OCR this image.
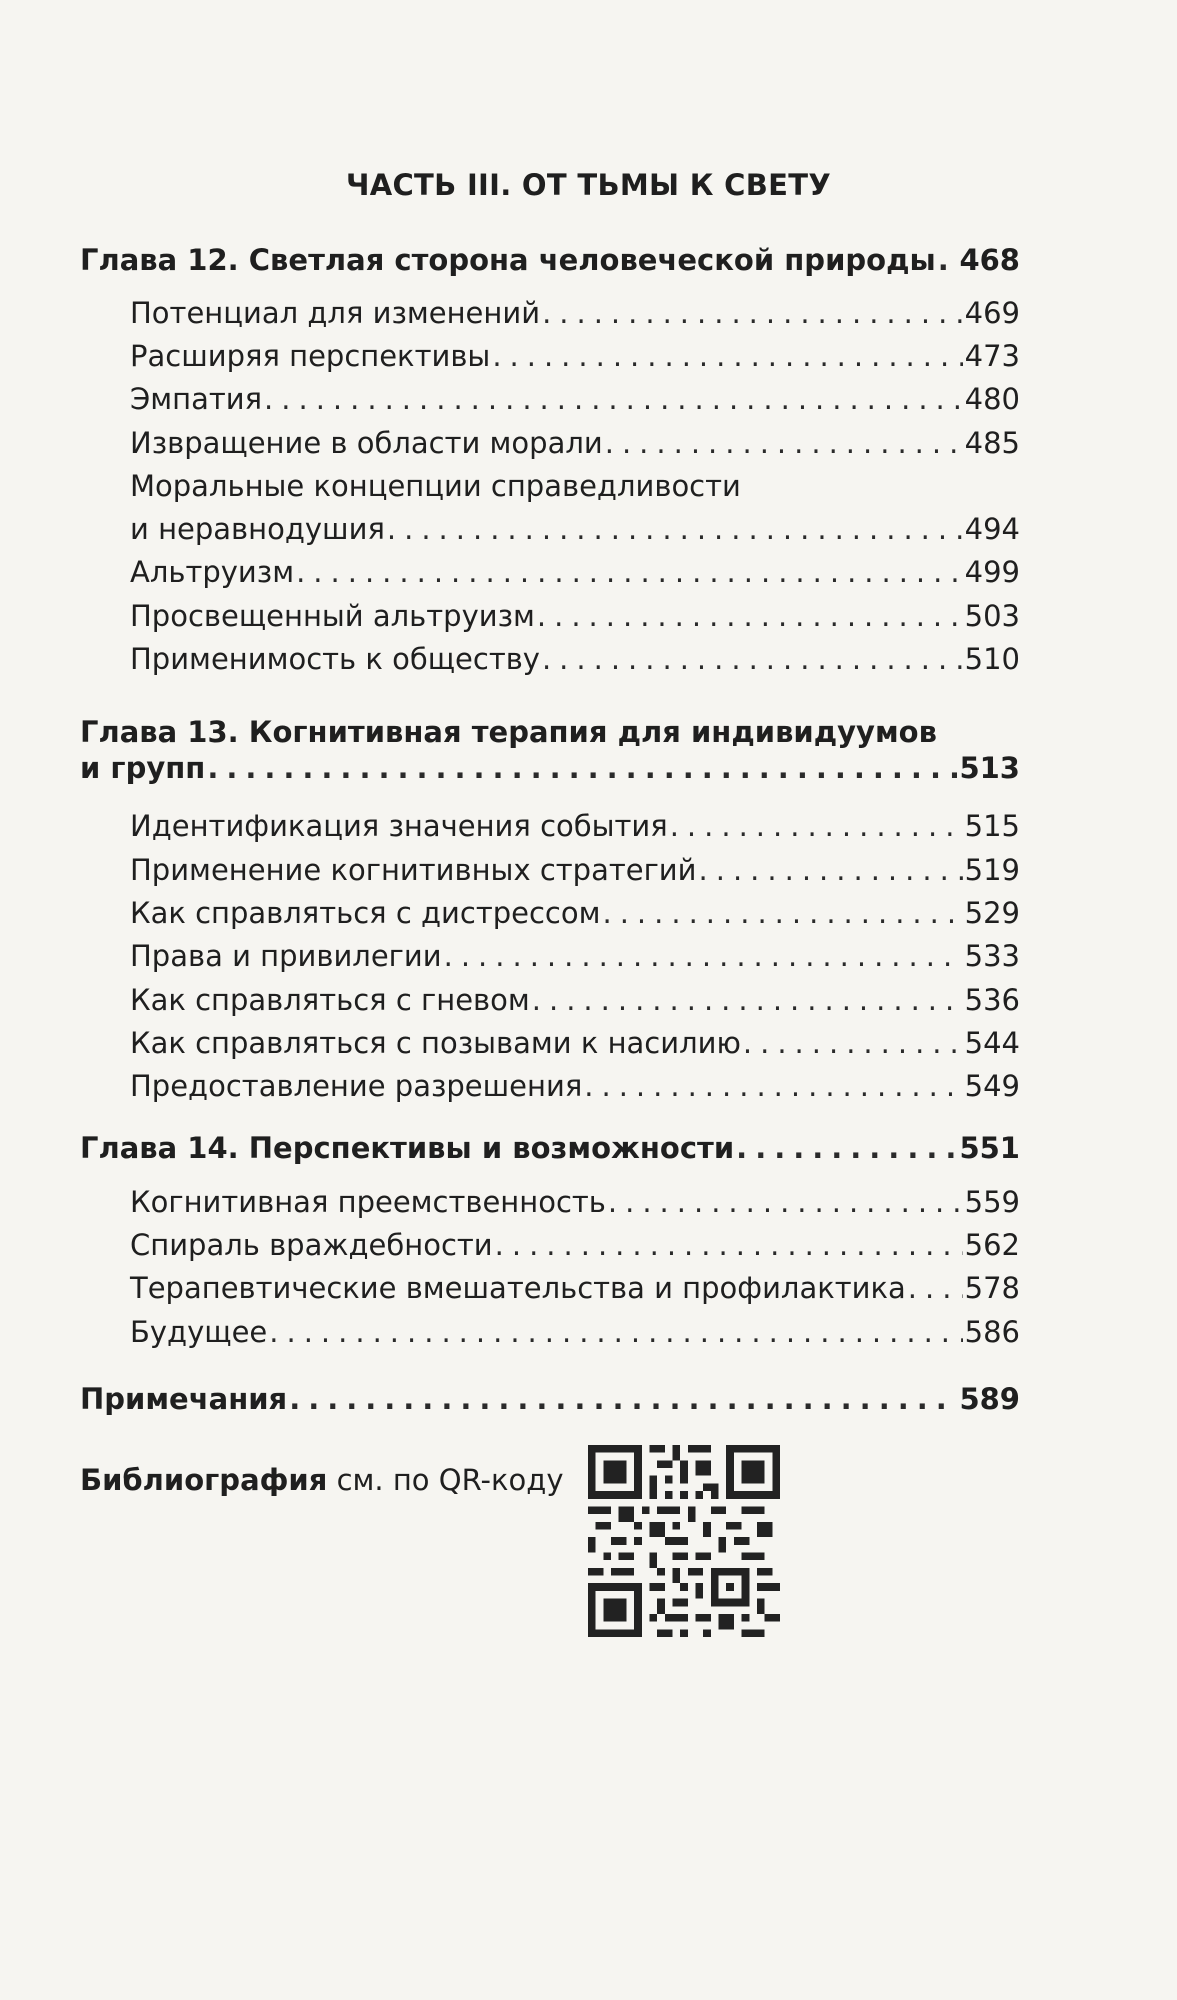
ЧАСТЬ III. ОТ ТЬМЫ К СВЕТУ
Глава 12. Светлая сторона человеческой природы ..... 468
Потенциал для изменений .....	469
Расширяя перспективы .....	473
Эмпатия .....	480
Извращение в области морали .....	485
Моральные концепции справедливости
и неравнодушия .....	494
Альтруизм .....	499
Просвещенный альтруизм .....	503
Применимость к обществу .....	510
Глава 13. Когнитивная терапия для индивидуумов
и групп .....	513
Идентификация значения события .....	515
Применение когнитивных стратегий .....	519
Как справляться с дистрессом .....	529
Права и привилегии .....	533
Как справляться с гневом .....	536
Как справляться с позывами к насилию .....	544
Предоставление разрешения .....	549
Глава 14. Перспективы и возможности .....	551
Когнитивная преемственность .....	559
Спираль враждебности .....	562
Терапевтические вмешательства и профилактика ..... 578
Будущее .....	586
Примечания .....	589
Библиография см. по QR-коду
